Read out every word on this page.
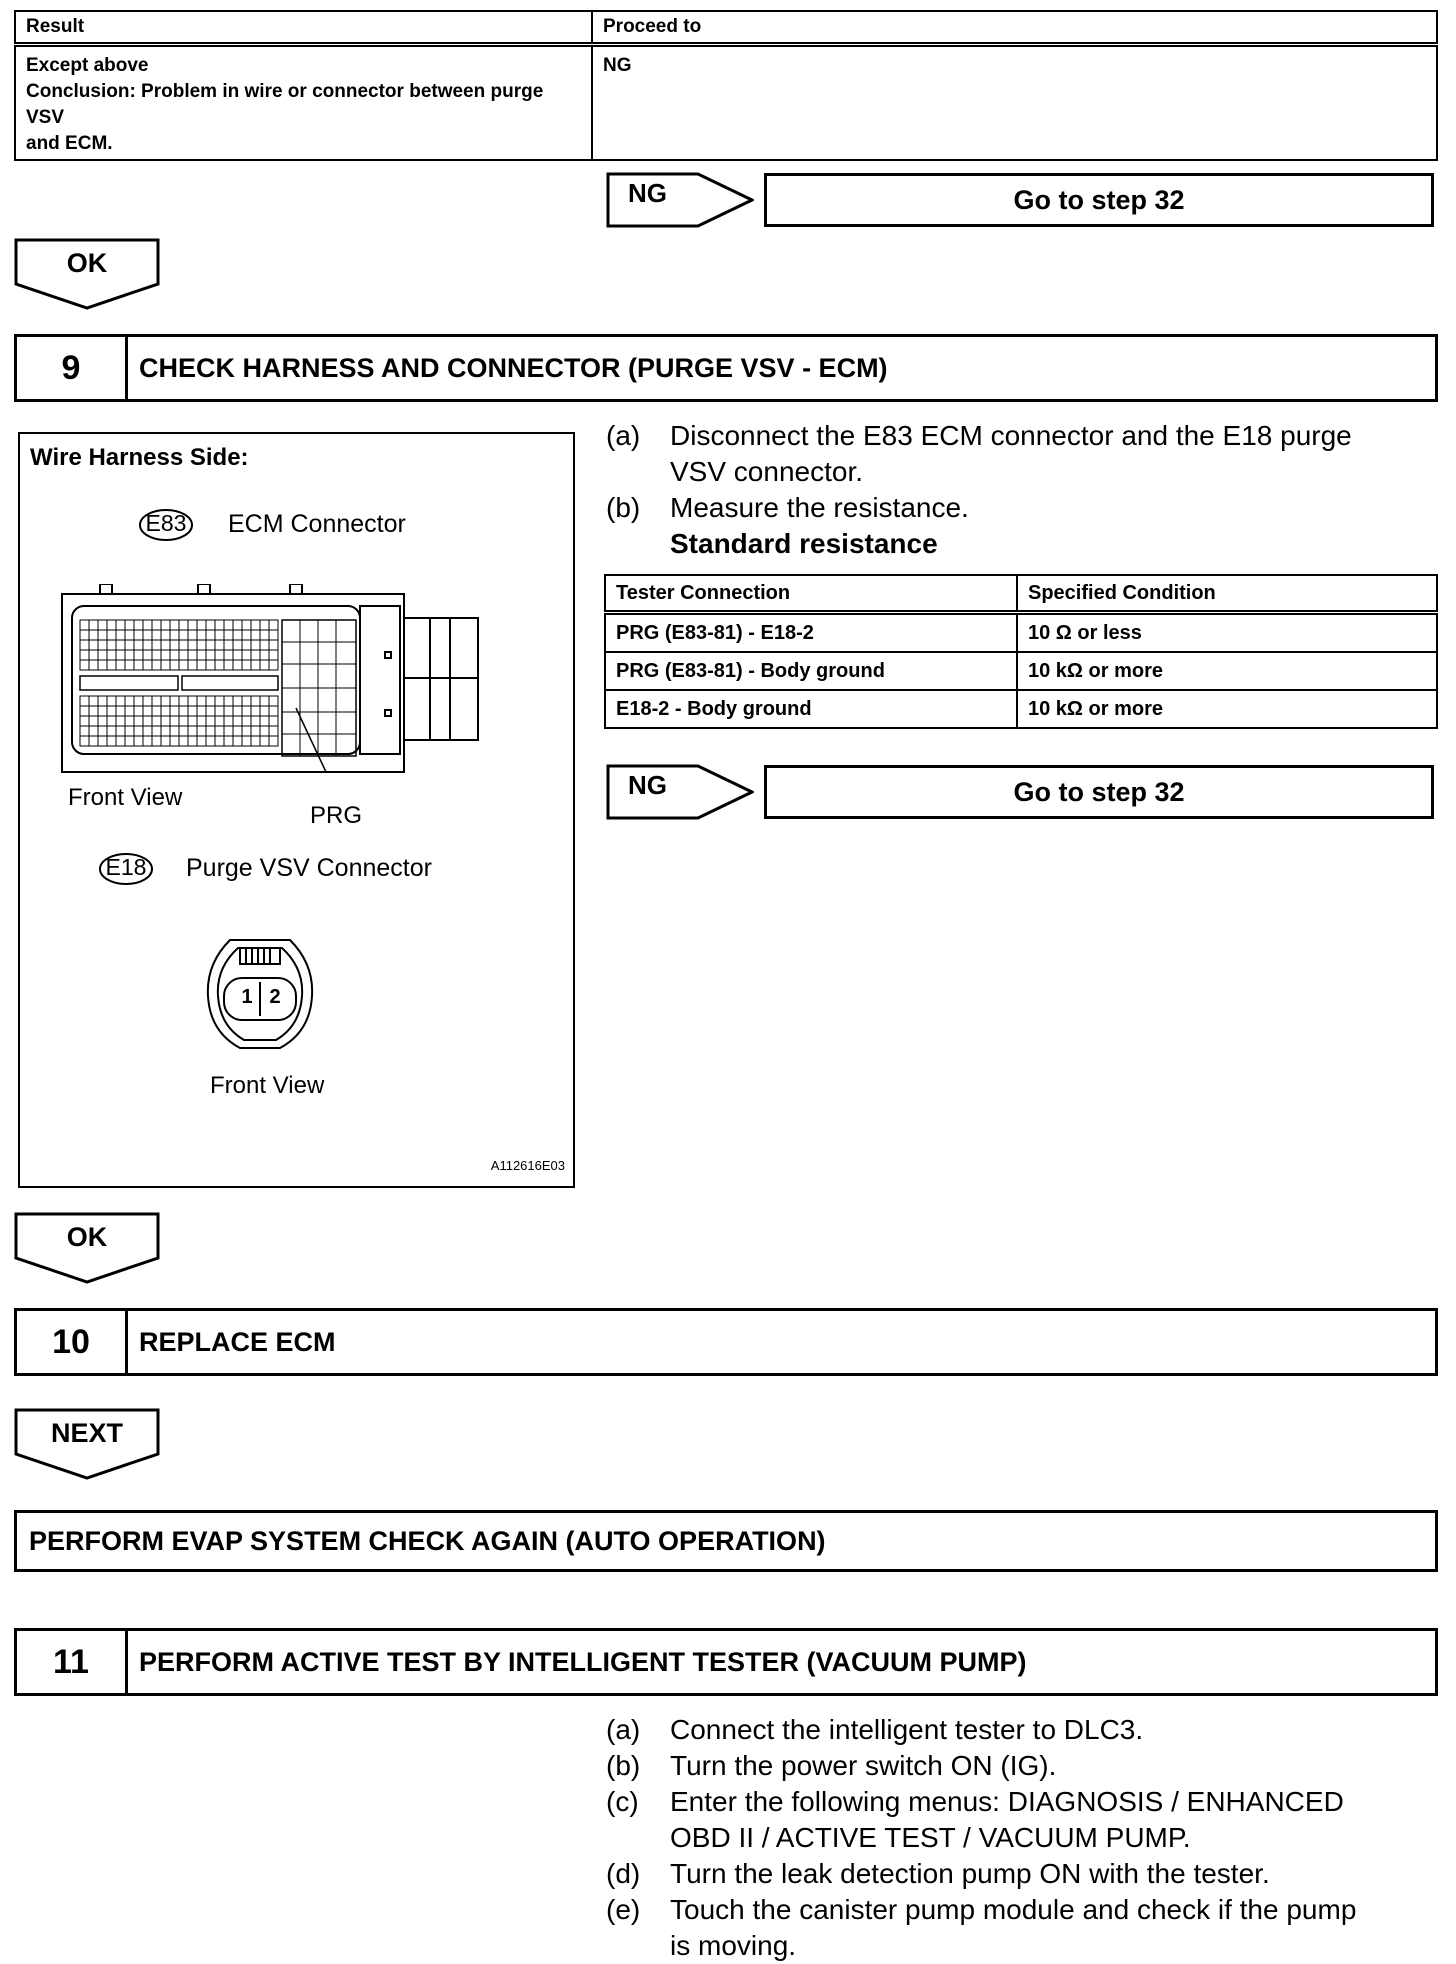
Result	Proceed to

Except above
Conclusion: Problem in wire or connector between purge VSV
and ECM.	NG
NG	Go to step 32
OK
9	CHECK HARNESS AND CONNECTOR (PURGE VSV - ECM)
Wire Harness Side:
E83	ECM Connector
Front View
PRG
E18	Purge VSV Connector
1 2
Front View
A112616E03
(a) Disconnect the E83 ECM connector and the E18 purge
VSV connector.
(b) Measure the resistance.
Standard resistance
Tester Connection	Specified Condition
PRG (E83-81) - E18-2	10 Ω or less
PRG (E83-81) - Body ground	10 kΩ or more
E18-2 - Body ground	10 kΩ or more
NG	Go to step 32
OK
10	REPLACE ECM
NEXT
PERFORM EVAP SYSTEM CHECK AGAIN (AUTO OPERATION)
11	PERFORM ACTIVE TEST BY INTELLIGENT TESTER (VACUUM PUMP)
(a) Connect the intelligent tester to DLC3.
(b) Turn the power switch ON (IG).
(c) Enter the following menus: DIAGNOSIS / ENHANCED
OBD II / ACTIVE TEST / VACUUM PUMP.
(d) Turn the leak detection pump ON with the tester.
(e) Touch the canister pump module and check if the pump
is moving.
